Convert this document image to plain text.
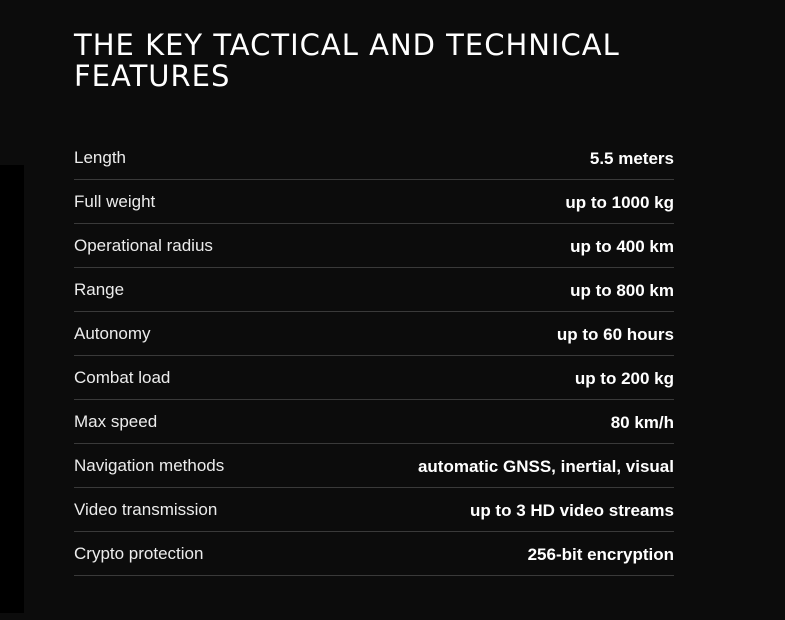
THE KEY TACTICAL AND TECHNICAL FEATURES
Length	5.5 meters
Full weight	up to 1000 kg
Operational radius	up to 400 km
Range	up to 800 km
Autonomy	up to 60 hours
Combat load	up to 200 kg
Max speed	80 km/h
Navigation methods	automatic GNSS, inertial, visual
Video transmission	up to 3 HD video streams
Crypto protection	256-bit encryption
